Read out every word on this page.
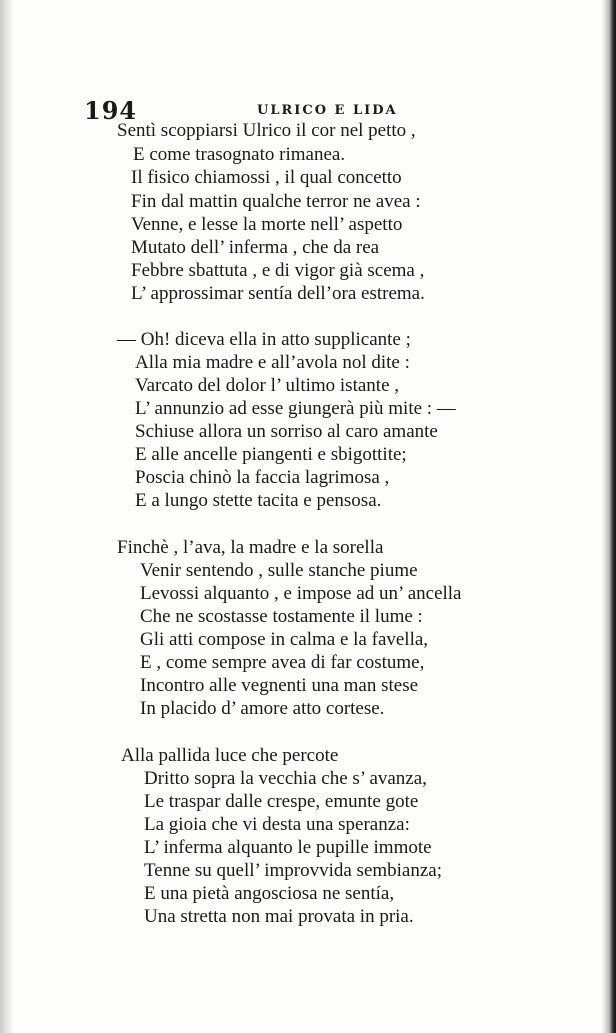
194	ULRICO E LIDA
Sentì scoppiarsi Ulrico il cor nel petto ,
E come trasognato rimanea.
Il fisico chiamossi , il qual concetto
Fin dal mattin qualche terror ne avea :
Venne, e lesse la morte nell’ aspetto
Mutato dell’ inferma , che da rea
Febbre sbattuta , e di vigor già scema ,
L’ approssimar sentía dell’ora estrema.
— Oh! diceva ella in atto supplicante ;
Alla mia madre e all’avola nol dite :
Varcato del dolor l’ ultimo istante ,
L’ annunzio ad esse giungerà più mite : —
Schiuse allora un sorriso al caro amante
E alle ancelle piangenti e sbigottite;
Poscia chinò la faccia lagrimosa ,
E a lungo stette tacita e pensosa.
Finchè , l’ava, la madre e la sorella
Venir sentendo , sulle stanche piume
Levossi alquanto , e impose ad un’ ancella
Che ne scostasse tostamente il lume :
Gli atti compose in calma e la favella,
E , come sempre avea di far costume,
Incontro alle vegnenti una man stese
In placido d’ amore atto cortese.
Alla pallida luce che percote
Dritto sopra la vecchia che s’ avanza,
Le traspar dalle crespe, emunte gote
La gioia che vi desta una speranza:
L’ inferma alquanto le pupille immote
Tenne su quell’ improvvida sembianza;
E una pietà angosciosa ne sentía,
Una stretta non mai provata in pria.
